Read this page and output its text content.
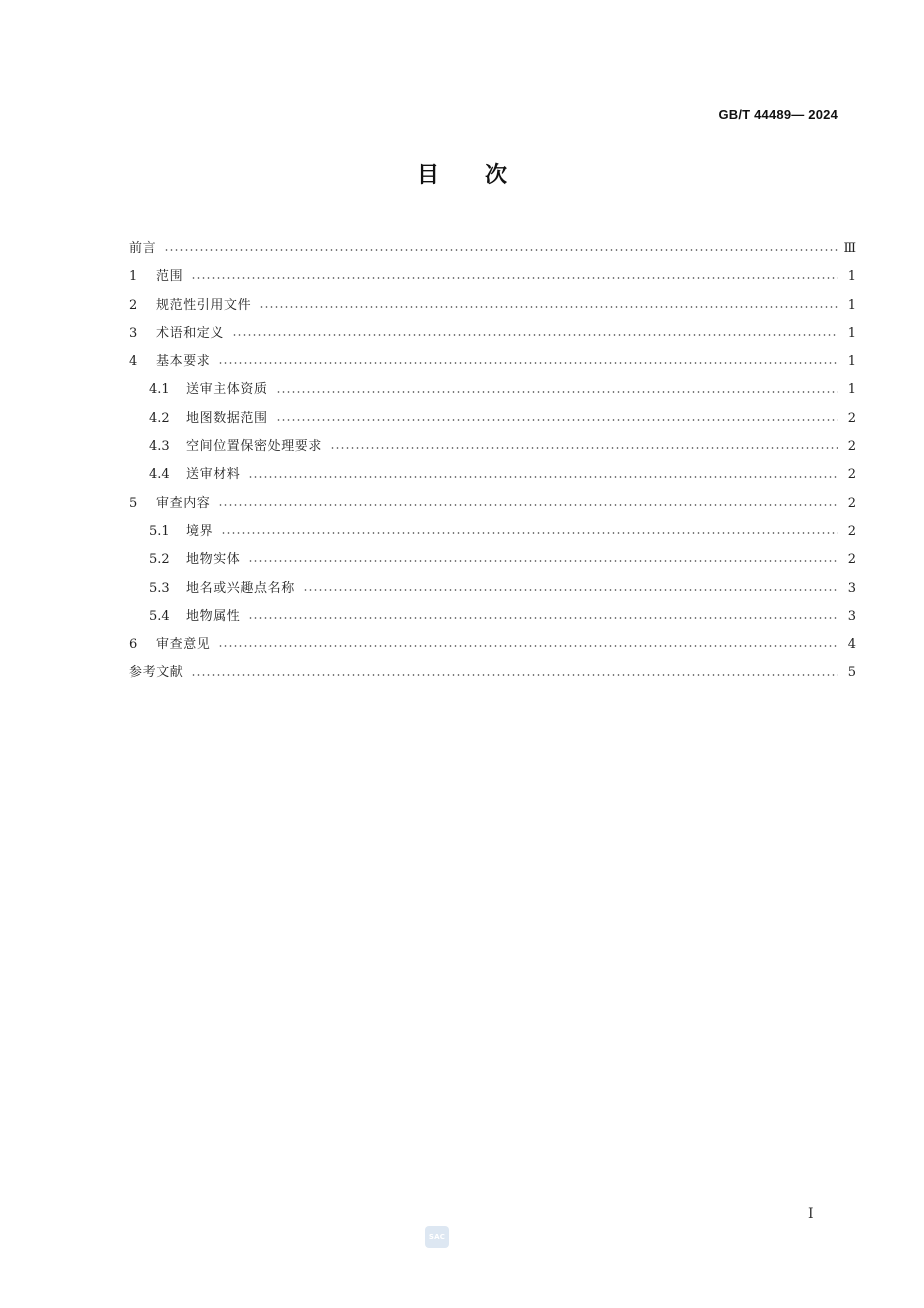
GB/T 44489— 2024
目次
前言	Ⅲ
1	范围	1
2	规范性引用文件	1
3	术语和定义	1
4	基本要求	1
4.1	送审主体资质	1
4.2	地图数据范围	2
4.3	空间位置保密处理要求	2
4.4	送审材料	2
5	审查内容	2
5.1	境界	2
5.2	地物实体	2
5.3	地名或兴趣点名称	3
5.4	地物属性	3
6	审查意见	4
参考文献	5
Ⅰ
SAC
